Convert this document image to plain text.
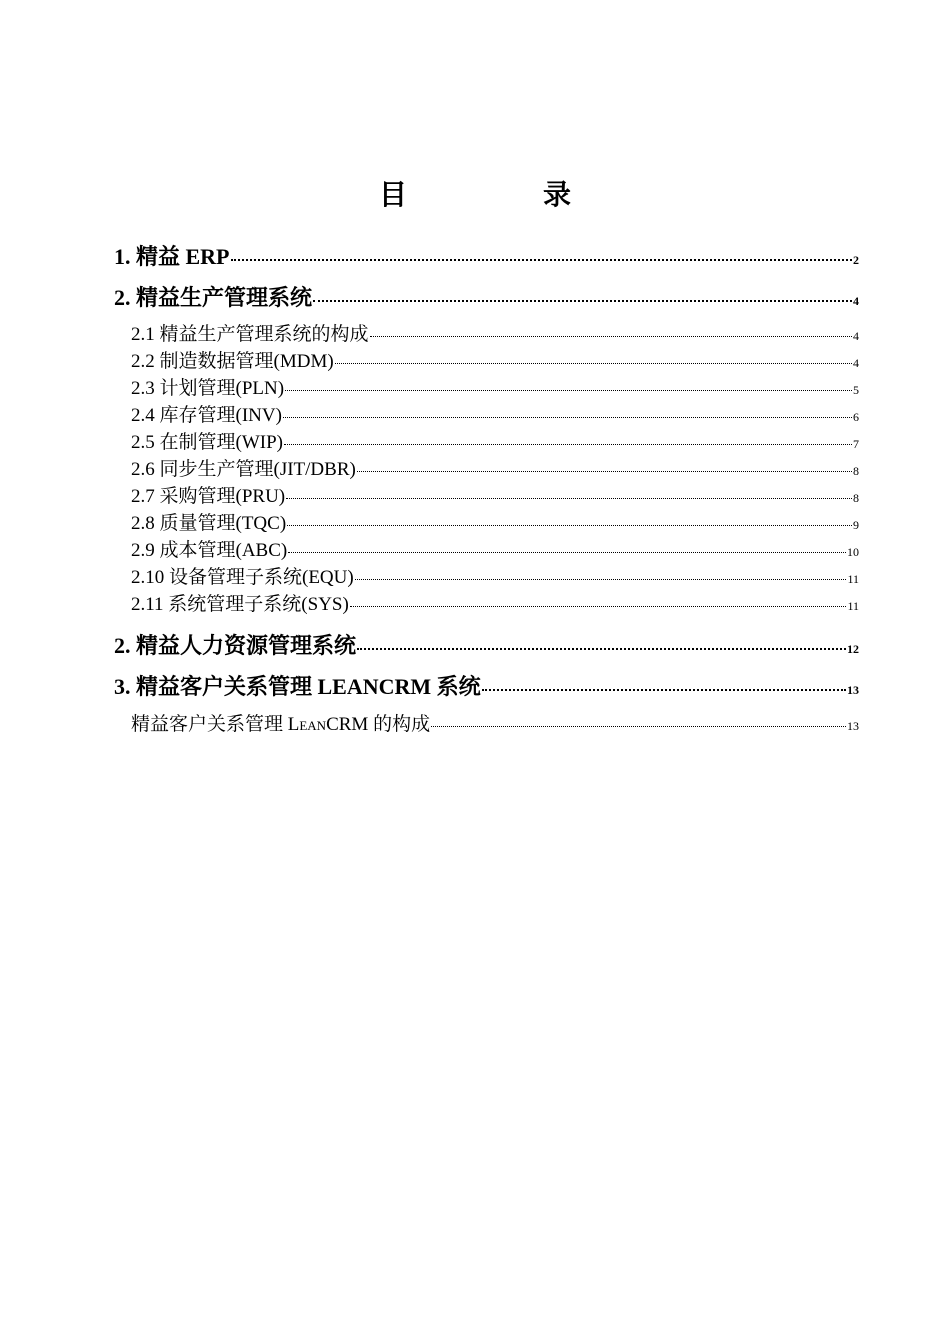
目　录
1. 精益 ERP	2
2. 精益生产管理系统	4
2.1 精益生产管理系统的构成	4
2.2 制造数据管理(MDM)	4
2.3 计划管理(PLN)	5
2.4 库存管理(INV)	6
2.5 在制管理(WIP)	7
2.6 同步生产管理(JIT/DBR)	8
2.7 采购管理(PRU)	8
2.8 质量管理(TQC)	9
2.9 成本管理(ABC)	10
2.10 设备管理子系统(EQU)	11
2.11 系统管理子系统(SYS)	11
2. 精益人力资源管理系统	12
3. 精益客户关系管理 LEANCRM 系统	13
精益客户关系管理 LeanCRM 的构成	13
